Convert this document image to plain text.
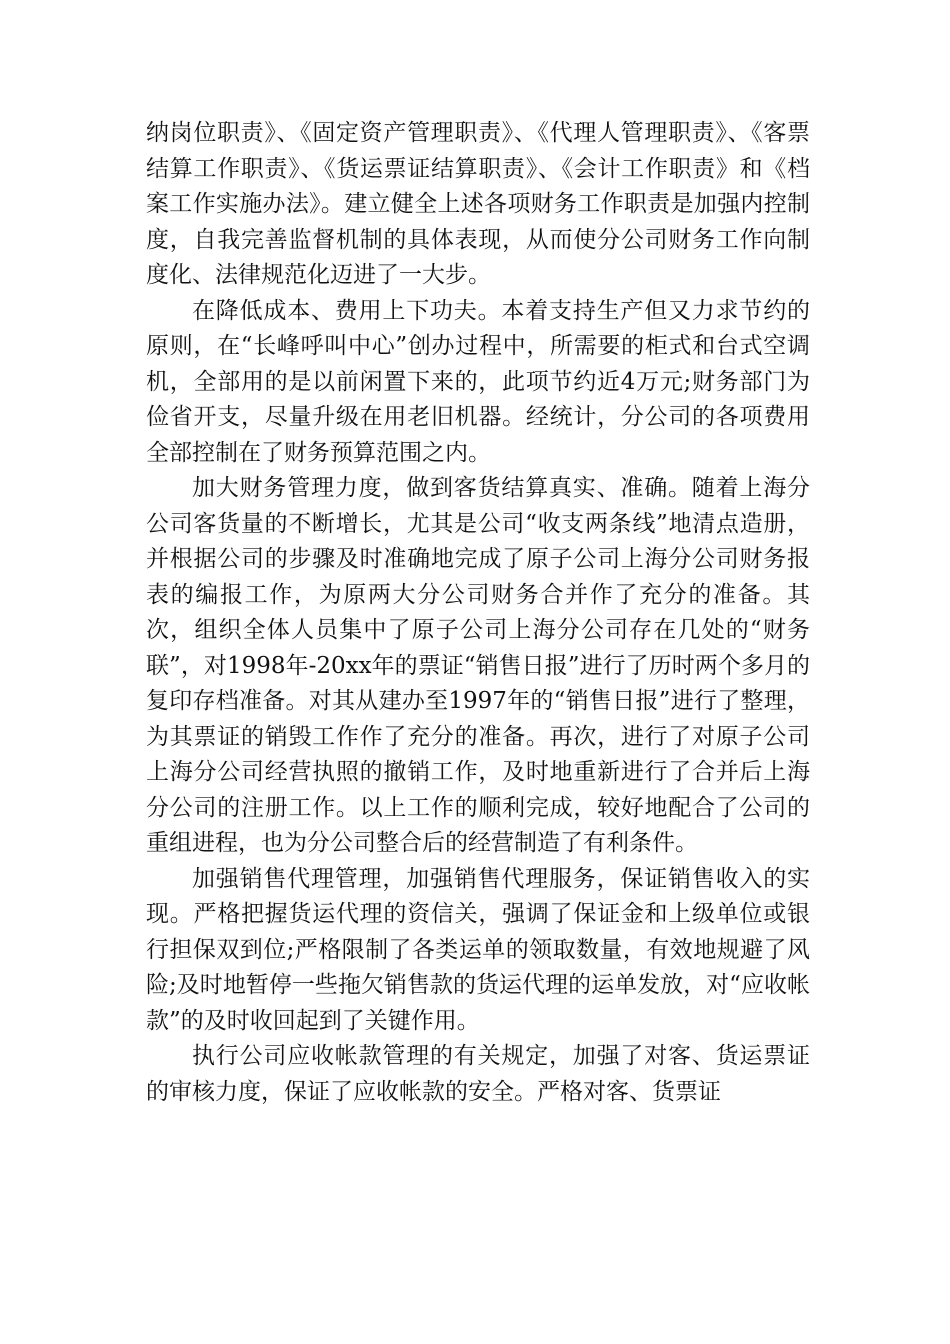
纳岗位职责》、《固定资产管理职责》、《代理人管理职责》、《客票结算工作职责》、《货运票证结算职责》、《会计工作职责》和《档案工作实施办法》。建立健全上述各项财务工作职责是加强内控制度，自我完善监督机制的具体表现，从而使分公司财务工作向制度化、法律规范化迈进了一大步。

在降低成本、费用上下功夫。本着支持生产但又力求节约的原则，在“长峰呼叫中心”创办过程中，所需要的柜式和台式空调机，全部用的是以前闲置下来的，此项节约近4万元;财务部门为俭省开支，尽量升级在用老旧机器。经统计，分公司的各项费用全部控制在了财务预算范围之内。

加大财务管理力度，做到客货结算真实、准确。随着上海分公司客货量的不断增长，尤其是公司“收支两条线”地清点造册，并根据公司的步骤及时准确地完成了原子公司上海分公司财务报表的编报工作，为原两大分公司财务合并作了充分的准备。其次，组织全体人员集中了原子公司上海分公司存在几处的“财务联”，对1998年-20xx年的票证“销售日报”进行了历时两个多月的复印存档准备。对其从建办至1997年的“销售日报”进行了整理，为其票证的销毁工作作了充分的准备。再次，进行了对原子公司上海分公司经营执照的撤销工作，及时地重新进行了合并后上海分公司的注册工作。以上工作的顺利完成，较好地配合了公司的重组进程，也为分公司整合后的经营制造了有利条件。

加强销售代理管理，加强销售代理服务，保证销售收入的实现。严格把握货运代理的资信关，强调了保证金和上级单位或银行担保双到位;严格限制了各类运单的领取数量，有效地规避了风险;及时地暂停一些拖欠销售款的货运代理的运单发放，对“应收帐款”的及时收回起到了关键作用。

执行公司应收帐款管理的有关规定，加强了对客、货运票证的审核力度，保证了应收帐款的安全。严格对客、货票证
